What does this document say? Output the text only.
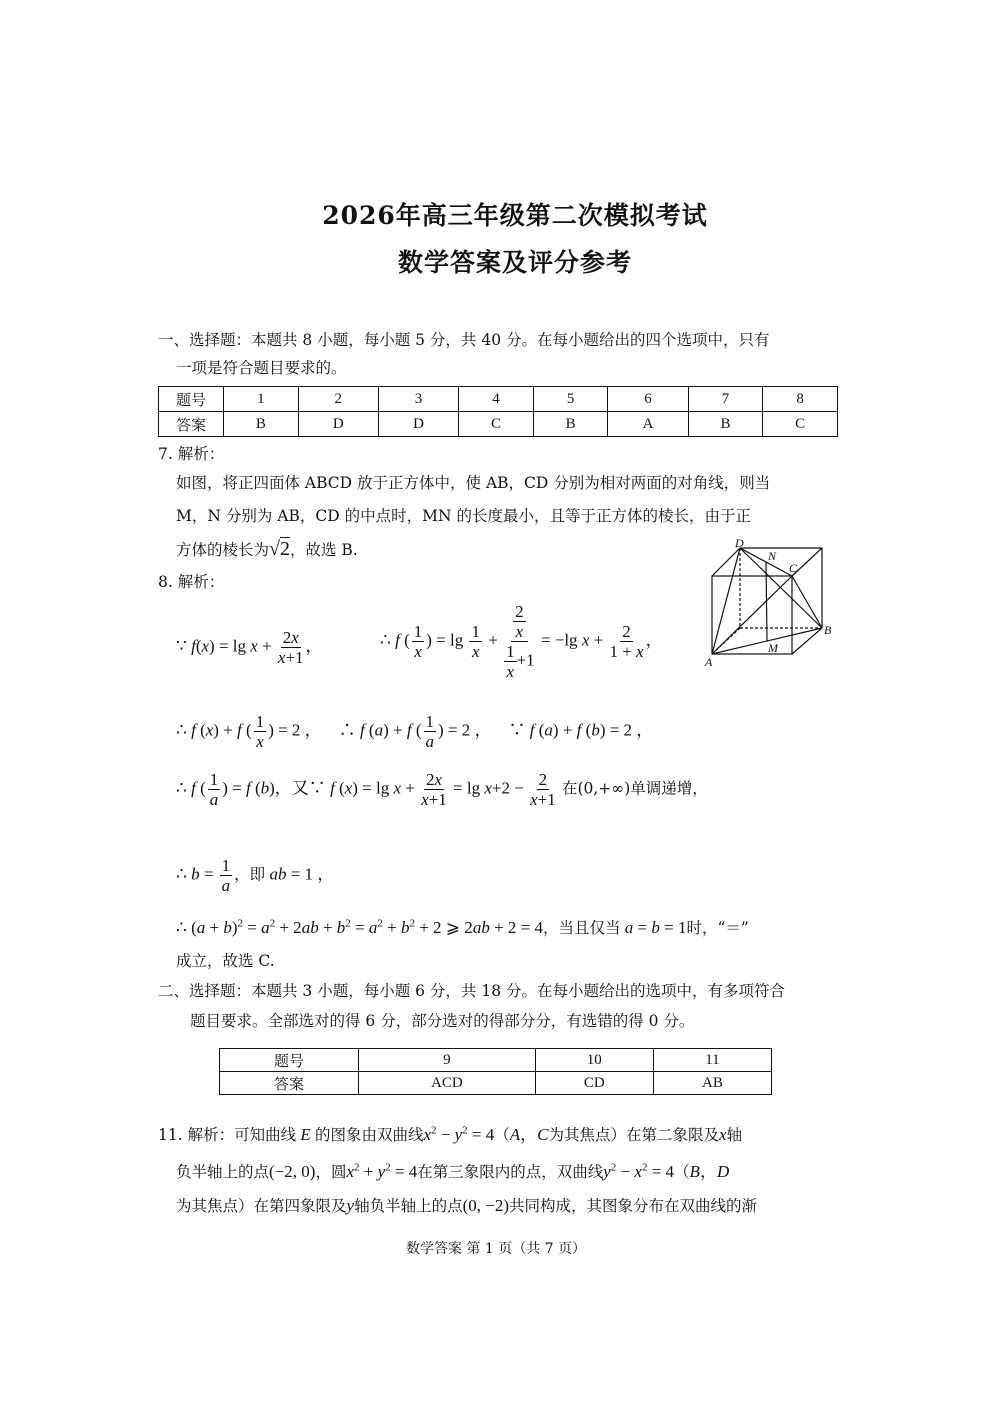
2026年高三年级第二次模拟考试
数学答案及评分参考
一、选择题：本题共 8 小题，每小题 5 分，共 40 分。在每小题给出的四个选项中，只有
一项是符合题目要求的。
题号	1	2	3	4	5	6	7	8
答案	B	D	D	C	B	A	B	C
7. 解析：
如图，将正四面体 ABCD 放于正方体中，使 AB，CD 分别为相对两面的对角线，则当
M，N 分别为 AB，CD 的中点时，MN 的长度最小，且等于正方体的棱长，由于正
方体的棱长为√2，故选 B.	D
N
C
B
A
M
8. 解析：
∵ $f(x) = \lg x + \frac{2x}{x+1}$ ，	∴ f ( $\frac{1}{x}$ ) = $\lg \frac{1}{x} + \frac{\frac{2}{x}}{\frac{1}{x} +1} = -\lg$ $x + \frac{2}{1 + x}$ ，
∴ f (x) + f ( $\frac{1}{x}$ ) = 2 ，    ∴ f (a) + f ( $\frac{1}{a}$ ) = 2 ，    ∵ f (a) + f (b) = 2 ，
∴ f ( $\frac{1}{a}$ ) = f (b)，又∵ f $(x) = \lg x + \frac{2x}{x+1} = \lg x+2 - \frac{2}{x+1}$ 在(0,+∞)单调递增，
∴ $b = \frac{1}{a}$ ，即 ab = 1 ，
∴ $(a + b)^2 = a^2 + 2ab + b^2 = a^2 + b^2 + 2$ ⩾ 2ab + 2 = 4，当且仅当 a = b = 1时，“＝”
成立，故选 C.
二、选择题：本题共 3 小题，每小题 6 分，共 18 分。在每小题给出的选项中，有多项符合
题目要求。全部选对的得 6 分，部分选对的得部分分，有选错的得 0 分。
题号	9	10	11
答案	ACD	CD	AB
11. 解析：可知曲线 E 的图象由双曲线$x^2 - y^2 = 4(A$，C为其焦点）在第二象限及x轴
负半轴上的点(−2, 0)，圆$x^2 + y^2 = 4$在第三象限内的点，双曲线$y^2 - x^2 = 4(B$，D
为其焦点）在第四象限及y轴负半轴上的点(0, −2)共同构成，其图象分布在双曲线的渐
数学答案 第 1 页（共 7 页）
